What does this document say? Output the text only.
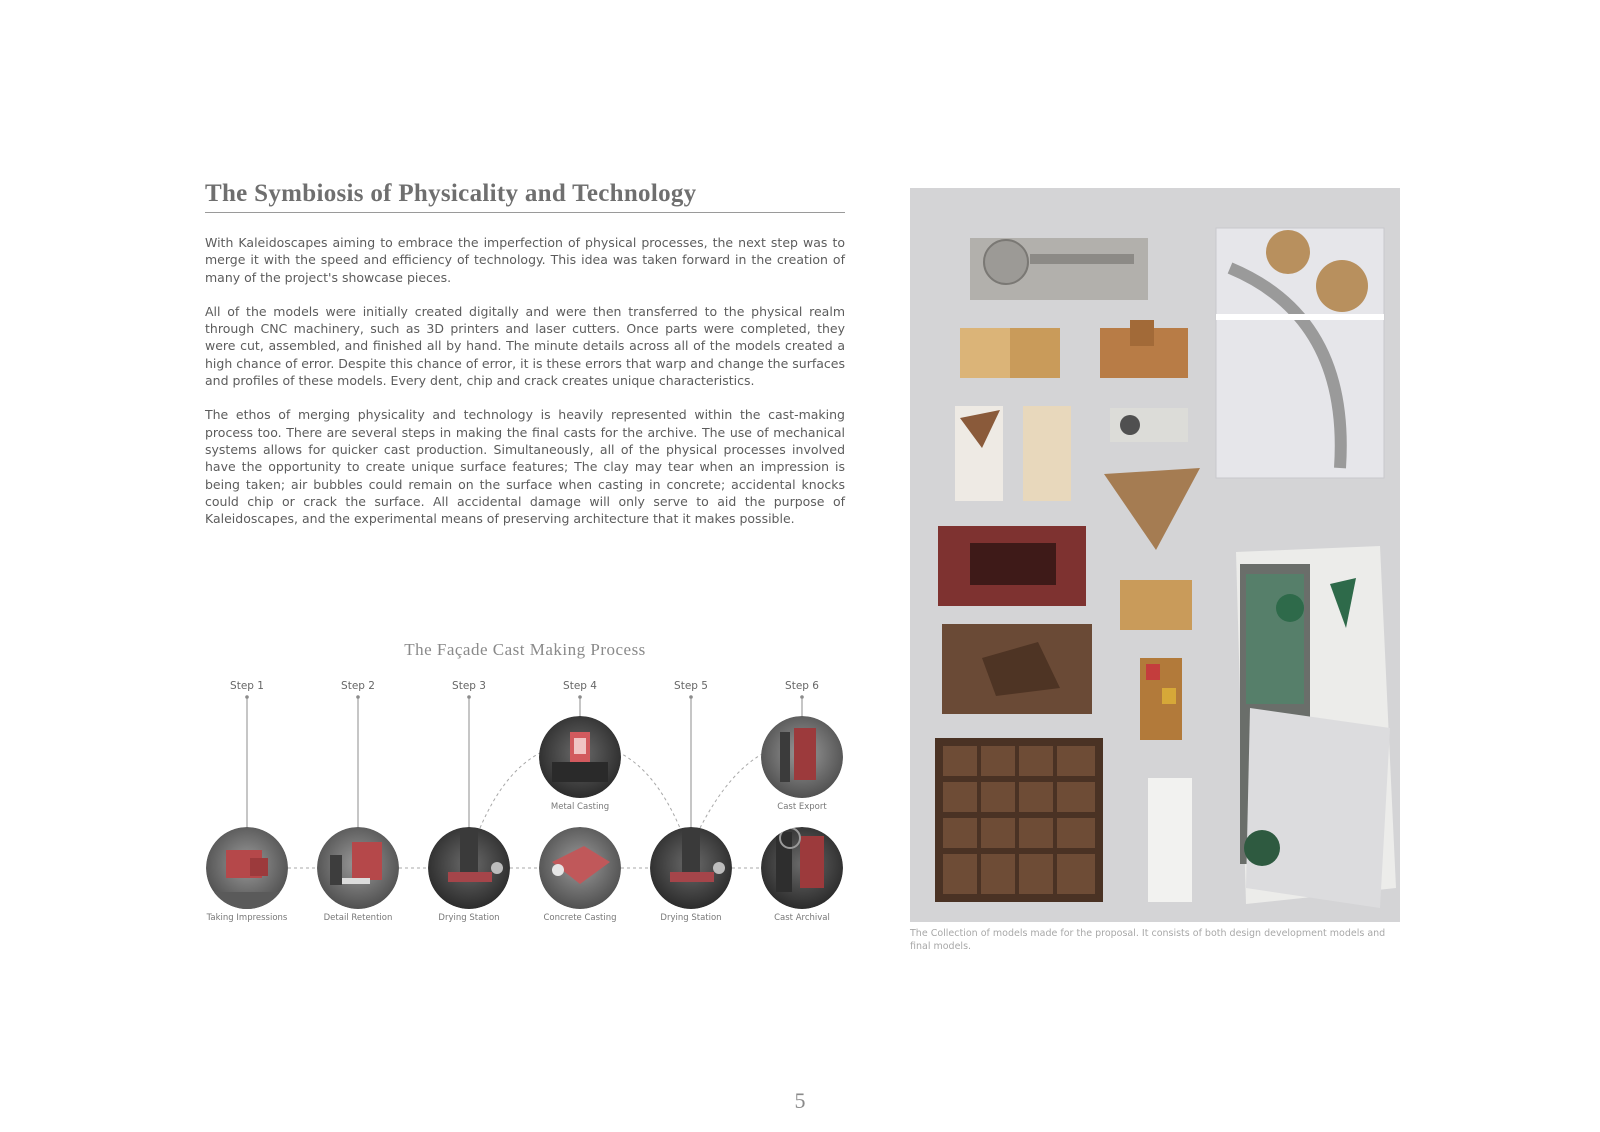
The Symbiosis of Physicality and Technology

With Kaleidoscapes aiming to embrace the imperfection of physical processes, the next step was to merge it with the speed and efficiency of technology. This idea was taken forward in the creation of many of the project's showcase pieces.

All of the models were initially created digitally and were then transferred to the physical realm through CNC machinery, such as 3D printers and laser cutters. Once parts were completed, they were cut, assembled, and finished all by hand. The minute details across all of the models created a high chance of error. Despite this chance of error, it is these errors that warp and change the surfaces and profiles of these models. Every dent, chip and crack creates unique characteristics.

The ethos of merging physicality and technology is heavily represented within the cast-making process too. There are several steps in making the final casts for the archive. The use of mechanical systems allows for quicker cast production. Simultaneously, all of the physical processes involved have the opportunity to create unique surface features; The clay may tear when an impression is being taken; air bubbles could remain on the surface when casting in concrete; accidental knocks could chip or crack the surface. All accidental damage will only serve to aid the purpose of Kaleidoscapes, and the experimental means of preserving architecture that it makes possible.

The Façade Cast Making Process
Step 1	Step 2	Step 3	Step 4	Step 5	Step 6
Metal Casting	Cast Export
Taking Impressions	Detail Retention	Drying Station	Concrete Casting	Drying Station	Cast Archival

The Collection of models made for the proposal. It consists of both design development models and final models.

5
